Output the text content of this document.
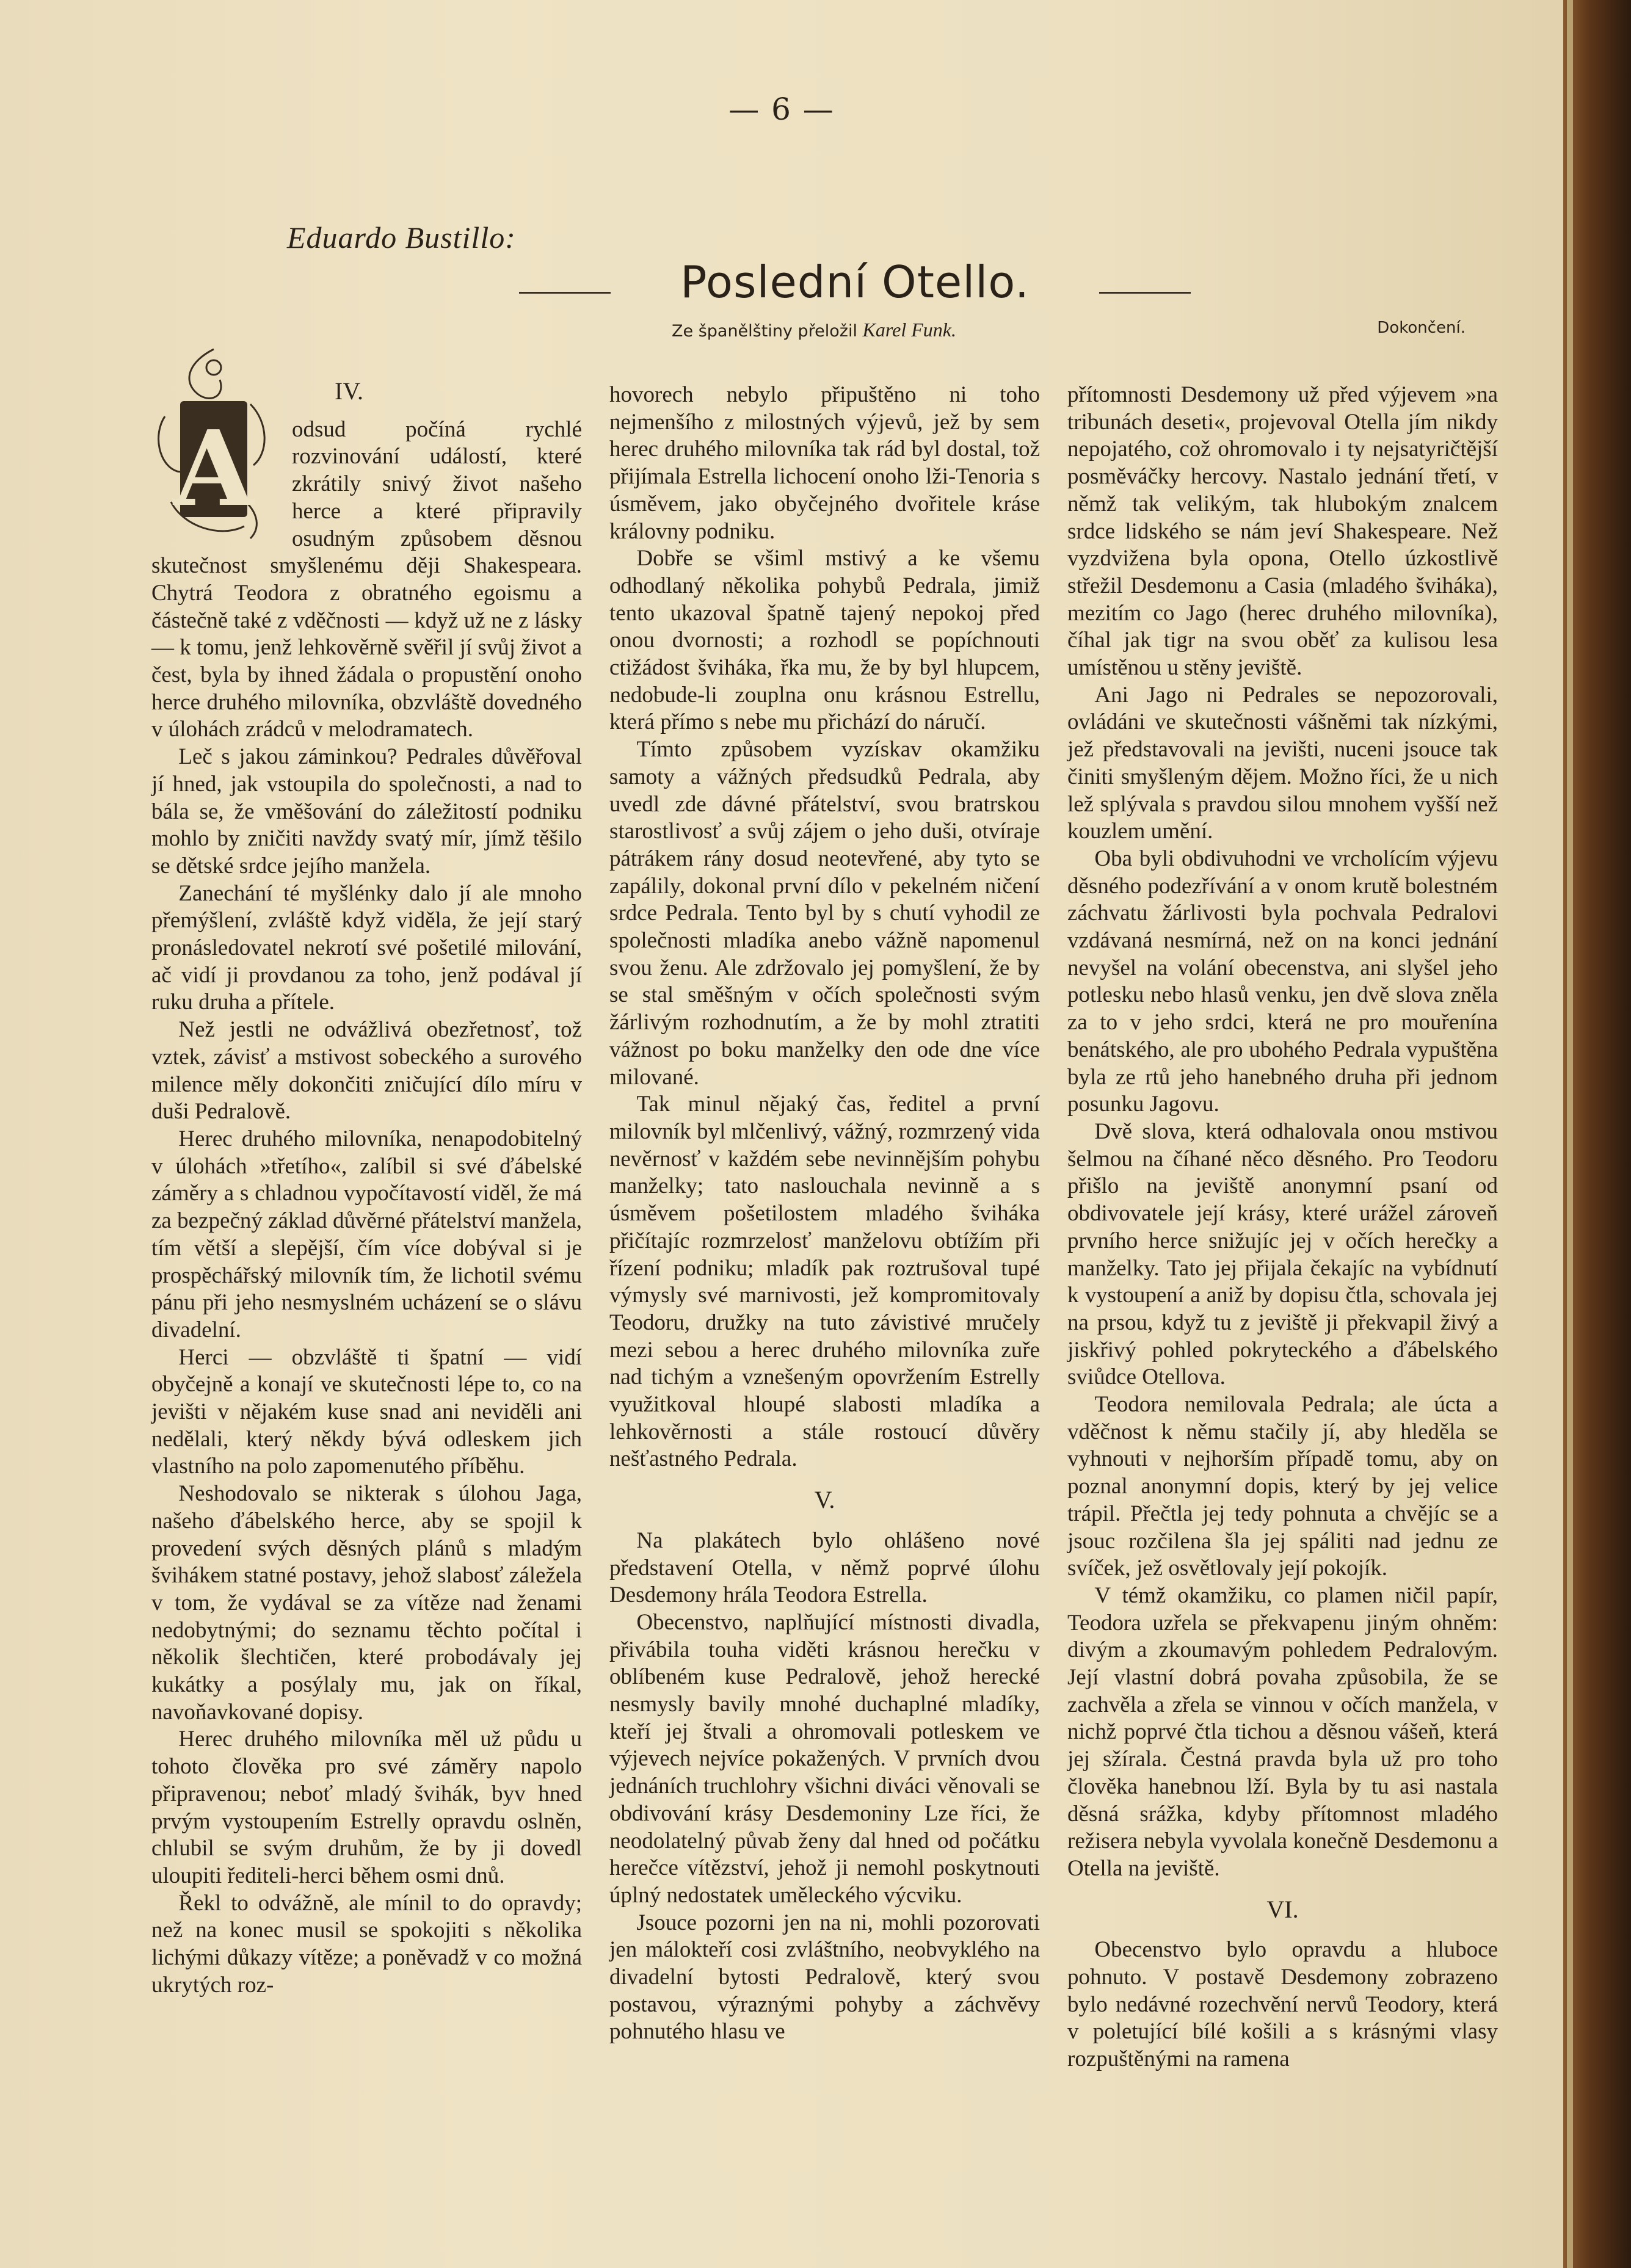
— 6 —
Eduardo Bustillo:
Poslední Otello.
Ze španělštiny přeložil Karel Funk.	Dokončení.
IV.
A	odsud počíná rychlé rozvinování událostí, které zkrátily snivý život našeho herce a které připravily osudným způsobem děsnou skutečnost smyšlenému ději Shakespeara. Chytrá Teodora z obratného egoismu a částečně také z vděčnosti — když už ne z lásky — k tomu, jenž lehkověrně svěřil jí svůj život a čest, byla by ihned žádala o propustění onoho herce druhého milovníka, obzvláště dovedného v úlohách zrádců v melodramatech.

Leč s jakou záminkou? Pedrales důvěřoval jí hned, jak vstoupila do společnosti, a nad to bála se, že vměšování do záležitostí podniku mohlo by zničiti navždy svatý mír, jímž těšilo se dětské srdce jejího manžela.

Zanechání té myšlénky dalo jí ale mnoho přemýšlení, zvláště když viděla, že její starý pronásledovatel nekrotí své pošetilé milování, ač vidí ji provdanou za toho, jenž podával jí ruku druha a přítele.

Než jestli ne odvážlivá obezřetnosť, tož vztek, závisť a mstivost sobeckého a surového milence měly dokončiti zničující dílo míru v duši Pedralově.

Herec druhého milovníka, nenapodobitelný v úlohách »třetího«, zalíbil si své ďábelské záměry a s chladnou vypočítavostí viděl, že má za bezpečný základ důvěrné přátelství manžela, tím větší a slepější, čím více dobýval si je prospěchářský milovník tím, že lichotil svému pánu při jeho nesmyslném ucházení se o slávu divadelní.

Herci — obzvláště ti špatní — vidí obyčejně a konají ve skutečnosti lépe to, co na jevišti v nějakém kuse snad ani neviděli ani nedělali, který někdy bývá odleskem jich vlastního na polo zapomenutého příběhu.

Neshodovalo se nikterak s úlohou Jaga, našeho ďábelského herce, aby se spojil k provedení svých děsných plánů s mladým švihákem statné postavy, jehož slabosť záležela v tom, že vydával se za vítěze nad ženami nedobytnými; do seznamu těchto počítal i několik šlechtičen, které probodávaly jej kukátky a posýlaly mu, jak on říkal, navoňavkované dopisy.

Herec druhého milovníka měl už půdu u tohoto člověka pro své záměry napolo připravenou; neboť mladý švihák, byv hned prvým vystoupením Estrelly opravdu oslněn, chlubil se svým druhům, že by ji dovedl uloupiti řediteli-herci během osmi dnů.

Řekl to odvážně, ale mínil to do opravdy; než na konec musil se spokojiti s několika lichými důkazy vítěze; a poněvadž v co možná ukrytých roz-

hovorech nebylo připuštěno ni toho nejmenšího z milostných výjevů, jež by sem herec druhého milovníka tak rád byl dostal, tož přijímala Estrella lichocení onoho lži-Tenoria s úsměvem, jako obyčejného dvořitele krásе královny podniku.

Dobře se všiml mstivý a ke všemu odhodlaný několika pohybů Pedrala, jimiž tento ukazoval špatně tajený nepokoj před onou dvornosti; a rozhodl se popíchnouti ctižádost šviháka, řka mu, že by byl hlupcem, nedobude-li zouplna onu krásnou Estrellu, která přímo s nebe mu přichází do náručí.

Tímto způsobem vyzískav okamžiku samoty a vážných předsudků Pedrala, aby uvedl zde dávné přátelství, svou bratrskou starostlivosť a svůj zájem o jeho duši, otvíraje pátrákem rány dosud neotevřené, aby tyto se zapálily, dokonal první dílo v pekelném ničení srdce Pedrala. Tento byl by s chutí vyhodil ze společnosti mladíka anebo vážně napomenul svou ženu. Ale zdržovalo jej pomyšlení, že by se stal směšným v očích společnosti svým žárlivým rozhodnutím, a že by mohl ztratiti vážnost po boku manželky den ode dne více milované.

Tak minul nějaký čas, ředitel a první milovník byl mlčenlivý, vážný, rozmrzený vida nevěrnosť v každém sebe nevinnějším pohybu manželky; tato naslouchala nevinně a s úsměvem pošetilostem mladého šviháka přičítajíc rozmrzelosť manželovu obtížím při řízení podniku; mladík pak roztrušoval tupé výmysly své marnivosti, jež kompromitovaly Teodoru, družky na tuto závistivé mručely mezi sebou a herec druhého milovníka zuře nad tichým a vznešeným opovržením Estrelly využitkoval hloupé slabosti mladíka a lehkověrnosti a stále rostoucí důvěry nešťastného Pedrala.

V.

Na plakátech bylo ohlášeno nové představení Otella, v němž poprvé úlohu Desdemony hrála Teodora Estrella.

Obecenstvo, naplňující místnosti divadla, přivábila touha viděti krásnou herečku v oblíbeném kuse Pedralově, jehož herecké nesmysly bavily mnohé duchaplné mladíky, kteří jej štvali a ohromovali potleskem ve výjevech nejvíce pokažených. V prvních dvou jednáních truchlohry všichni diváci věnovali se obdivování krásy Desdemoniny Lze říci, že neodolatelný půvab ženy dal hned od počátku herečce vítězství, jehož ji nemohl poskytnouti úplný nedostatek uměleckého výcviku.

Jsouce pozorni jen na ni, mohli pozorovati jen málokteří cosi zvláštního, neobvyklého na divadelní bytosti Pedralově, který svou postavou, výraznými pohyby a záchvěvy pohnutého hlasu ve

přítomnosti Desdemony už před výjevem »na tribunách deseti«, projevoval Otella jím nikdy nepojatého, což ohromovalo i ty nejsatyričtější posměváčky hercovy. Nastalo jednání třetí, v němž tak velikým, tak hlubokým znalcem srdce lidského se nám jeví Shakespeare. Než vyzdvižena byla opona, Otello úzkostlivě střežil Desdemonu a Casia (mladého šviháka), mezitím co Jago (herec druhého milovníka), číhal jak tigr na svou oběť za kulisou lesa umístěnou u stěny jeviště.

Ani Jago ni Pedrales se nepozorovali, ovládáni ve skutečnosti vášněmi tak nízkými, jež představovali na jevišti, nuceni jsouce tak činiti smyšleným dějem. Možno říci, že u nich lež splývala s pravdou silou mnohem vyšší než kouzlem umění.

Oba byli obdivuhodni ve vrcholícím výjevu děsného podezřívání a v onom krutě bolestném záchvatu žárlivosti byla pochvala Pedralovi vzdávaná nesmírná, než on na konci jednání nevyšel na volání obecenstva, ani slyšel jeho potlesku nebo hlasů venku, jen dvě slova zněla za to v jeho srdci, která ne pro mouřenína benátského, ale pro ubohého Pedrala vypuštěna byla ze rtů jeho hanebného druha při jednom posunku Jagovu.

Dvě slova, která odhalovala onou mstivou šelmou na číhané něco děsného. Pro Teodoru přišlo na jeviště anonymní psaní od obdivovatele její krásy, které urážel zároveň prvního herce snižujíc jej v očích herečky a manželky. Tato jej přijala čekajíc na vybídnutí k vystoupení a aniž by dopisu čtla, schovala jej na prsou, když tu z jeviště ji překvapil živý a jiskřivý pohled pokryteckého a ďábelského sviůdce Otellova.

Teodora nemilovala Pedrala; ale úcta a vděčnost k němu stačily jí, aby hleděla se vyhnouti v nejhorším případě tomu, aby on poznal anonymní dopis, který by jej velice trápil. Přečtla jej tedy pohnuta a chvějíc se a jsouc rozčilena šla jej spáliti nad jednu ze svíček, jež osvětlovaly její pokojík.

V témž okamžiku, co plamen ničil papír, Teodora uzřela se překvapenu jiným ohněm: divým a zkoumavým pohledem Pedralovým. Její vlastní dobrá povaha způsobila, že se zachvěla a zřela se vinnou v očích manžela, v nichž poprvé čtla tichou a děsnou vášeň, která jej sžírala. Čestná pravda byla už pro toho člověka hanebnou lží. Byla by tu asi nastala děsná srážka, kdyby přítomnost mladého režisera nebyla vyvolala konečně Desdemonu a Otella na jeviště.

VI.

Obecenstvo bylo opravdu a hluboce pohnuto. V postavě Desdemony zobrazeno bylo nedávné rozechvění nervů Teodory, která v poletující bílé košili a s krásnými vlasy rozpuštěnými na ramena
